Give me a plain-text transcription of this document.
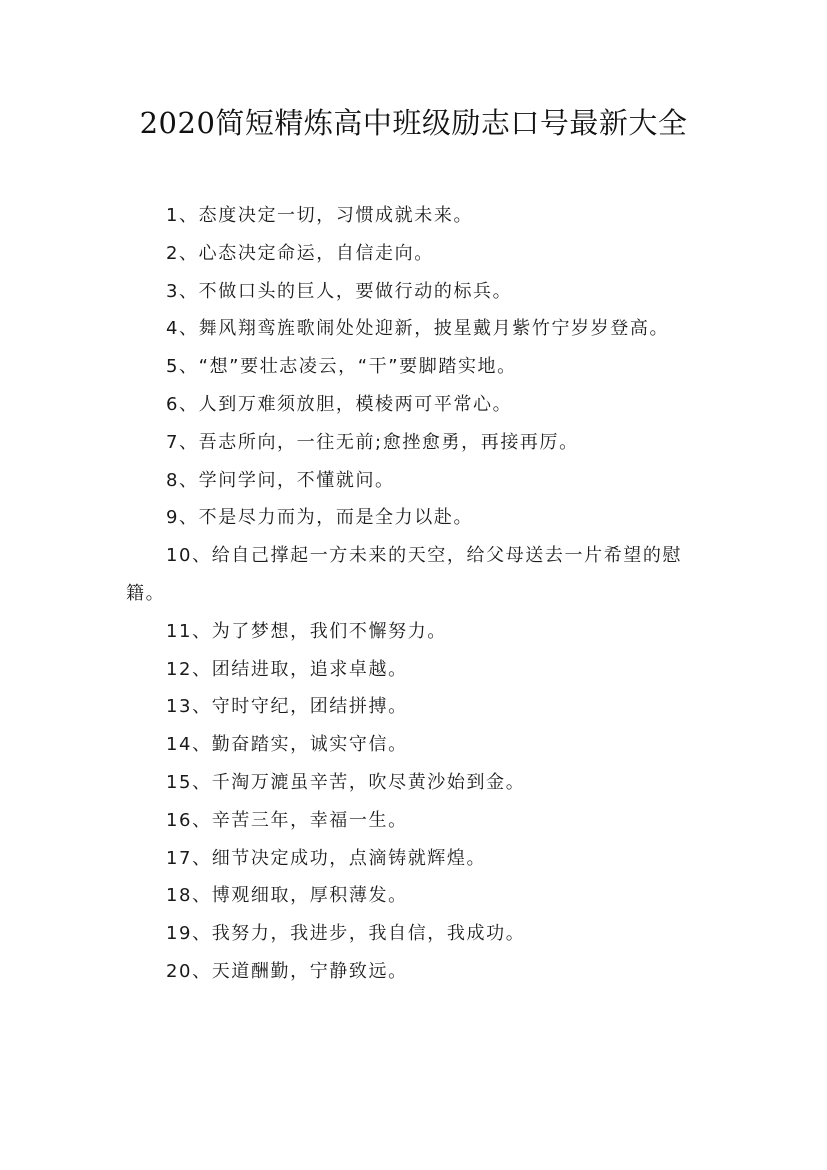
2020简短精炼高中班级励志口号最新大全

1、态度决定一切，习惯成就未来。

2、心态决定命运，自信走向。

3、不做口头的巨人，要做行动的标兵。

4、舞风翔鸾旌歌闹处处迎新，披星戴月紫竹宁岁岁登高。

5、“想”要壮志凌云，“干”要脚踏实地。

6、人到万难须放胆，模棱两可平常心。

7、吾志所向，一往无前;愈挫愈勇，再接再厉。

8、学问学问，不懂就问。

9、不是尽力而为，而是全力以赴。

10、给自己撑起一方未来的天空，给父母送去一片希望的慰籍。

11、为了梦想，我们不懈努力。

12、团结进取，追求卓越。

13、守时守纪，团结拼搏。

14、勤奋踏实，诚实守信。

15、千淘万漉虽辛苦，吹尽黄沙始到金。

16、辛苦三年，幸福一生。

17、细节决定成功，点滴铸就辉煌。

18、博观细取，厚积薄发。

19、我努力，我进步，我自信，我成功。

20、天道酬勤，宁静致远。
